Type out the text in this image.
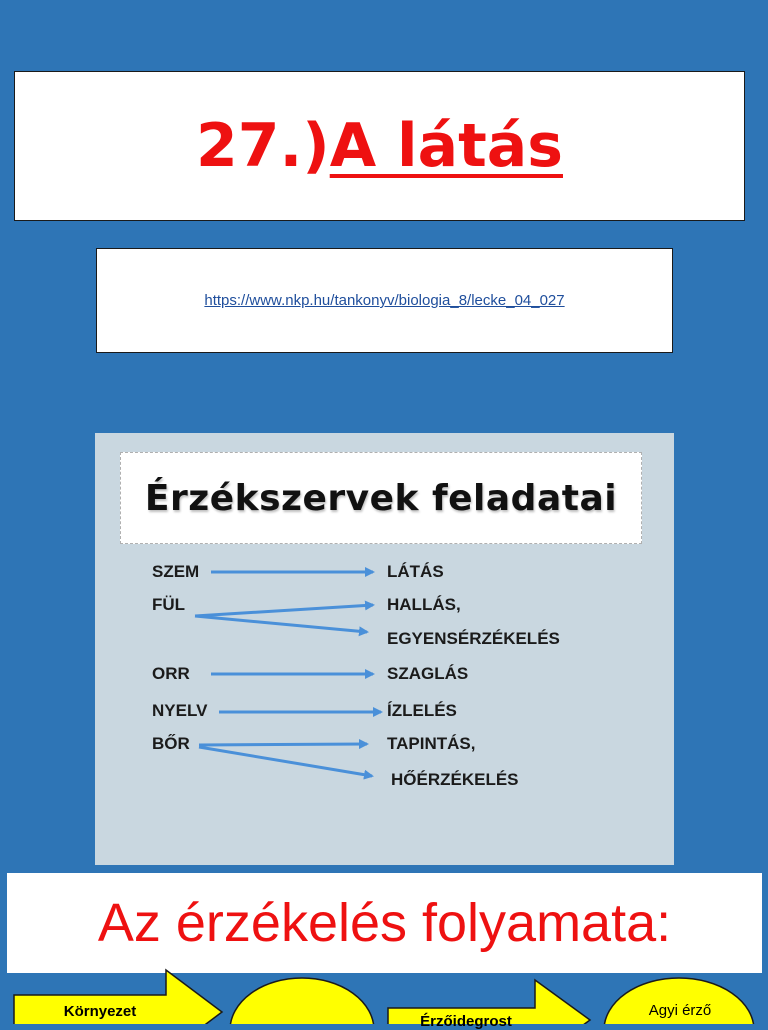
27.)A látás
https://www.nkp.hu/tankonyv/biologia_8/lecke_04_027
Érzékszervek feladatai
SZEM
FÜL
ORR
NYELV
BŐR
LÁTÁS
HALLÁS,
EGYENSÉRZÉKELÉS
SZAGLÁS
ÍZLELÉS
TAPINTÁS,
HŐÉRZÉKELÉS
Az érzékelés folyamata:
Környezet
Érzőidegrost
Agyi érző
